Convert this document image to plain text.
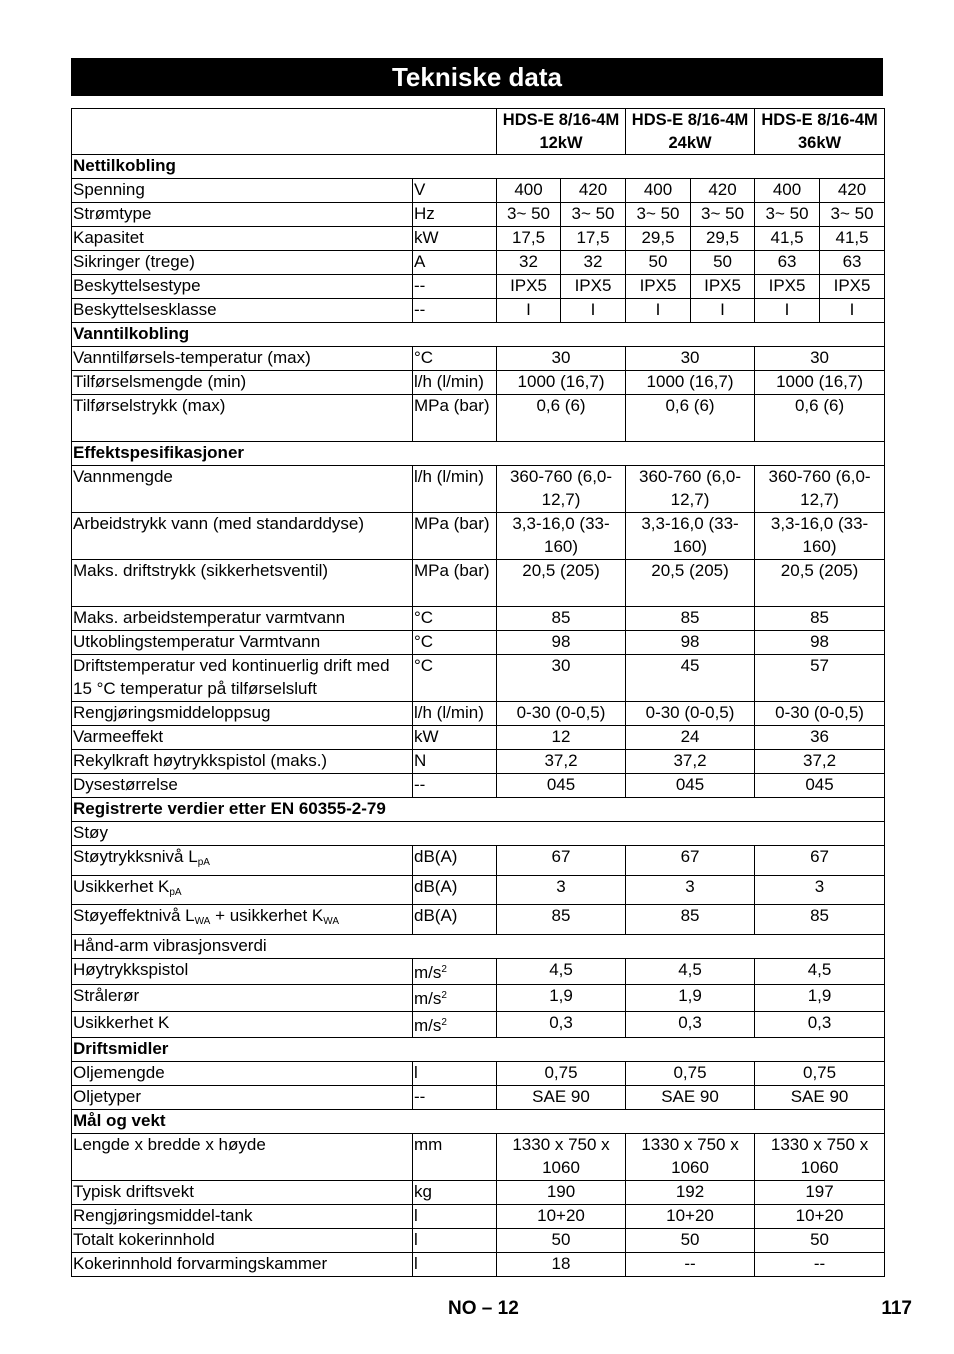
Tekniske data
		HDS-E 8/16-4M 12kW		HDS-E 8/16-4M 24kW		HDS-E 8/16-4M 36kW	
Nettilkobling							
Spenning	V	400	420	400	420	400	420
Strømtype	Hz	3~ 50	3~ 50	3~ 50	3~ 50	3~ 50	3~ 50
Kapasitet	kW	17,5	17,5	29,5	29,5	41,5	41,5
Sikringer (trege)	A	32	32	50	50	63	63
Beskyttelsestype	--	IPX5	IPX5	IPX5	IPX5	IPX5	IPX5
Beskyttelsesklasse	--	I	I	I	I	I	I
Vanntilkobling							
Vanntilførsels-temperatur (max)	°C	30		30		30	
Tilførselsmengde (min)	l/h (l/min)	1000 (16,7)		1000 (16,7)		1000 (16,7)	
Tilførselstrykk (max)	MPa (bar)	0,6 (6)		0,6 (6)		0,6 (6)	
Effektspesifikasjoner							
Vannmengde	l/h (l/min)	360-760 (6,0-12,7)		360-760 (6,0-12,7)		360-760 (6,0-12,7)	
Arbeidstrykk vann (med standarddyse)	MPa (bar)	3,3-16,0 (33-160)		3,3-16,0 (33-160)		3,3-16,0 (33-160)	
Maks. driftstrykk (sikkerhetsventil)	MPa (bar)	20,5 (205)		20,5 (205)		20,5 (205)	
Maks. arbeidstemperatur varmtvann	°C	85		85		85	
Utkoblingstemperatur Varmtvann	°C	98		98		98	
Driftstemperatur ved kontinuerlig drift med 15 °C temperatur på tilførselsluft	°C	30		45		57	
Rengjøringsmiddeloppsug	l/h (l/min)	0-30 (0-0,5)		0-30 (0-0,5)		0-30 (0-0,5)	
Varmeeffekt	kW	12		24		36	
Rekylkraft høytrykkspistol (maks.)	N	37,2		37,2		37,2	
Dysestørrelse	--	045		045		045	
Registrerte verdier etter EN 60355-2-79							
Støy							
Støytrykksnivå $L_{pA}$	dB(A)	67		67		67	
Usikkerhet $K_{pA}$	dB(A)	3		3		3	
Støyeffektnivå $L_{WA}$ + usikkerhet $K_{WA}$	dB(A)	85		85		85	
Hånd-arm vibrasjonsverdi							
Høytrykkspistol	$m/s^2$	4,5		4,5		4,5	
Strålerør	$m/s^2$	1,9		1,9		1,9	
Usikkerhet K	$m/s^2$	0,3		0,3		0,3	
Driftsmidler							
Oljemengde	l	0,75		0,75		0,75	
Oljetyper	--	SAE 90		SAE 90		SAE 90	
Mål og vekt							
Lengde x bredde x høyde	mm	1330 x 750 x 1060		1330 x 750 x 1060		1330 x 750 x 1060	
Typisk driftsvekt	kg	190		192		197	
Rengjøringsmiddel-tank	l	10+20		10+20		10+20	
Totalt kokerinnhold	l	50		50		50	
Kokerinnhold forvarmingskammer	l	18		--		--	
NO – 12	117
